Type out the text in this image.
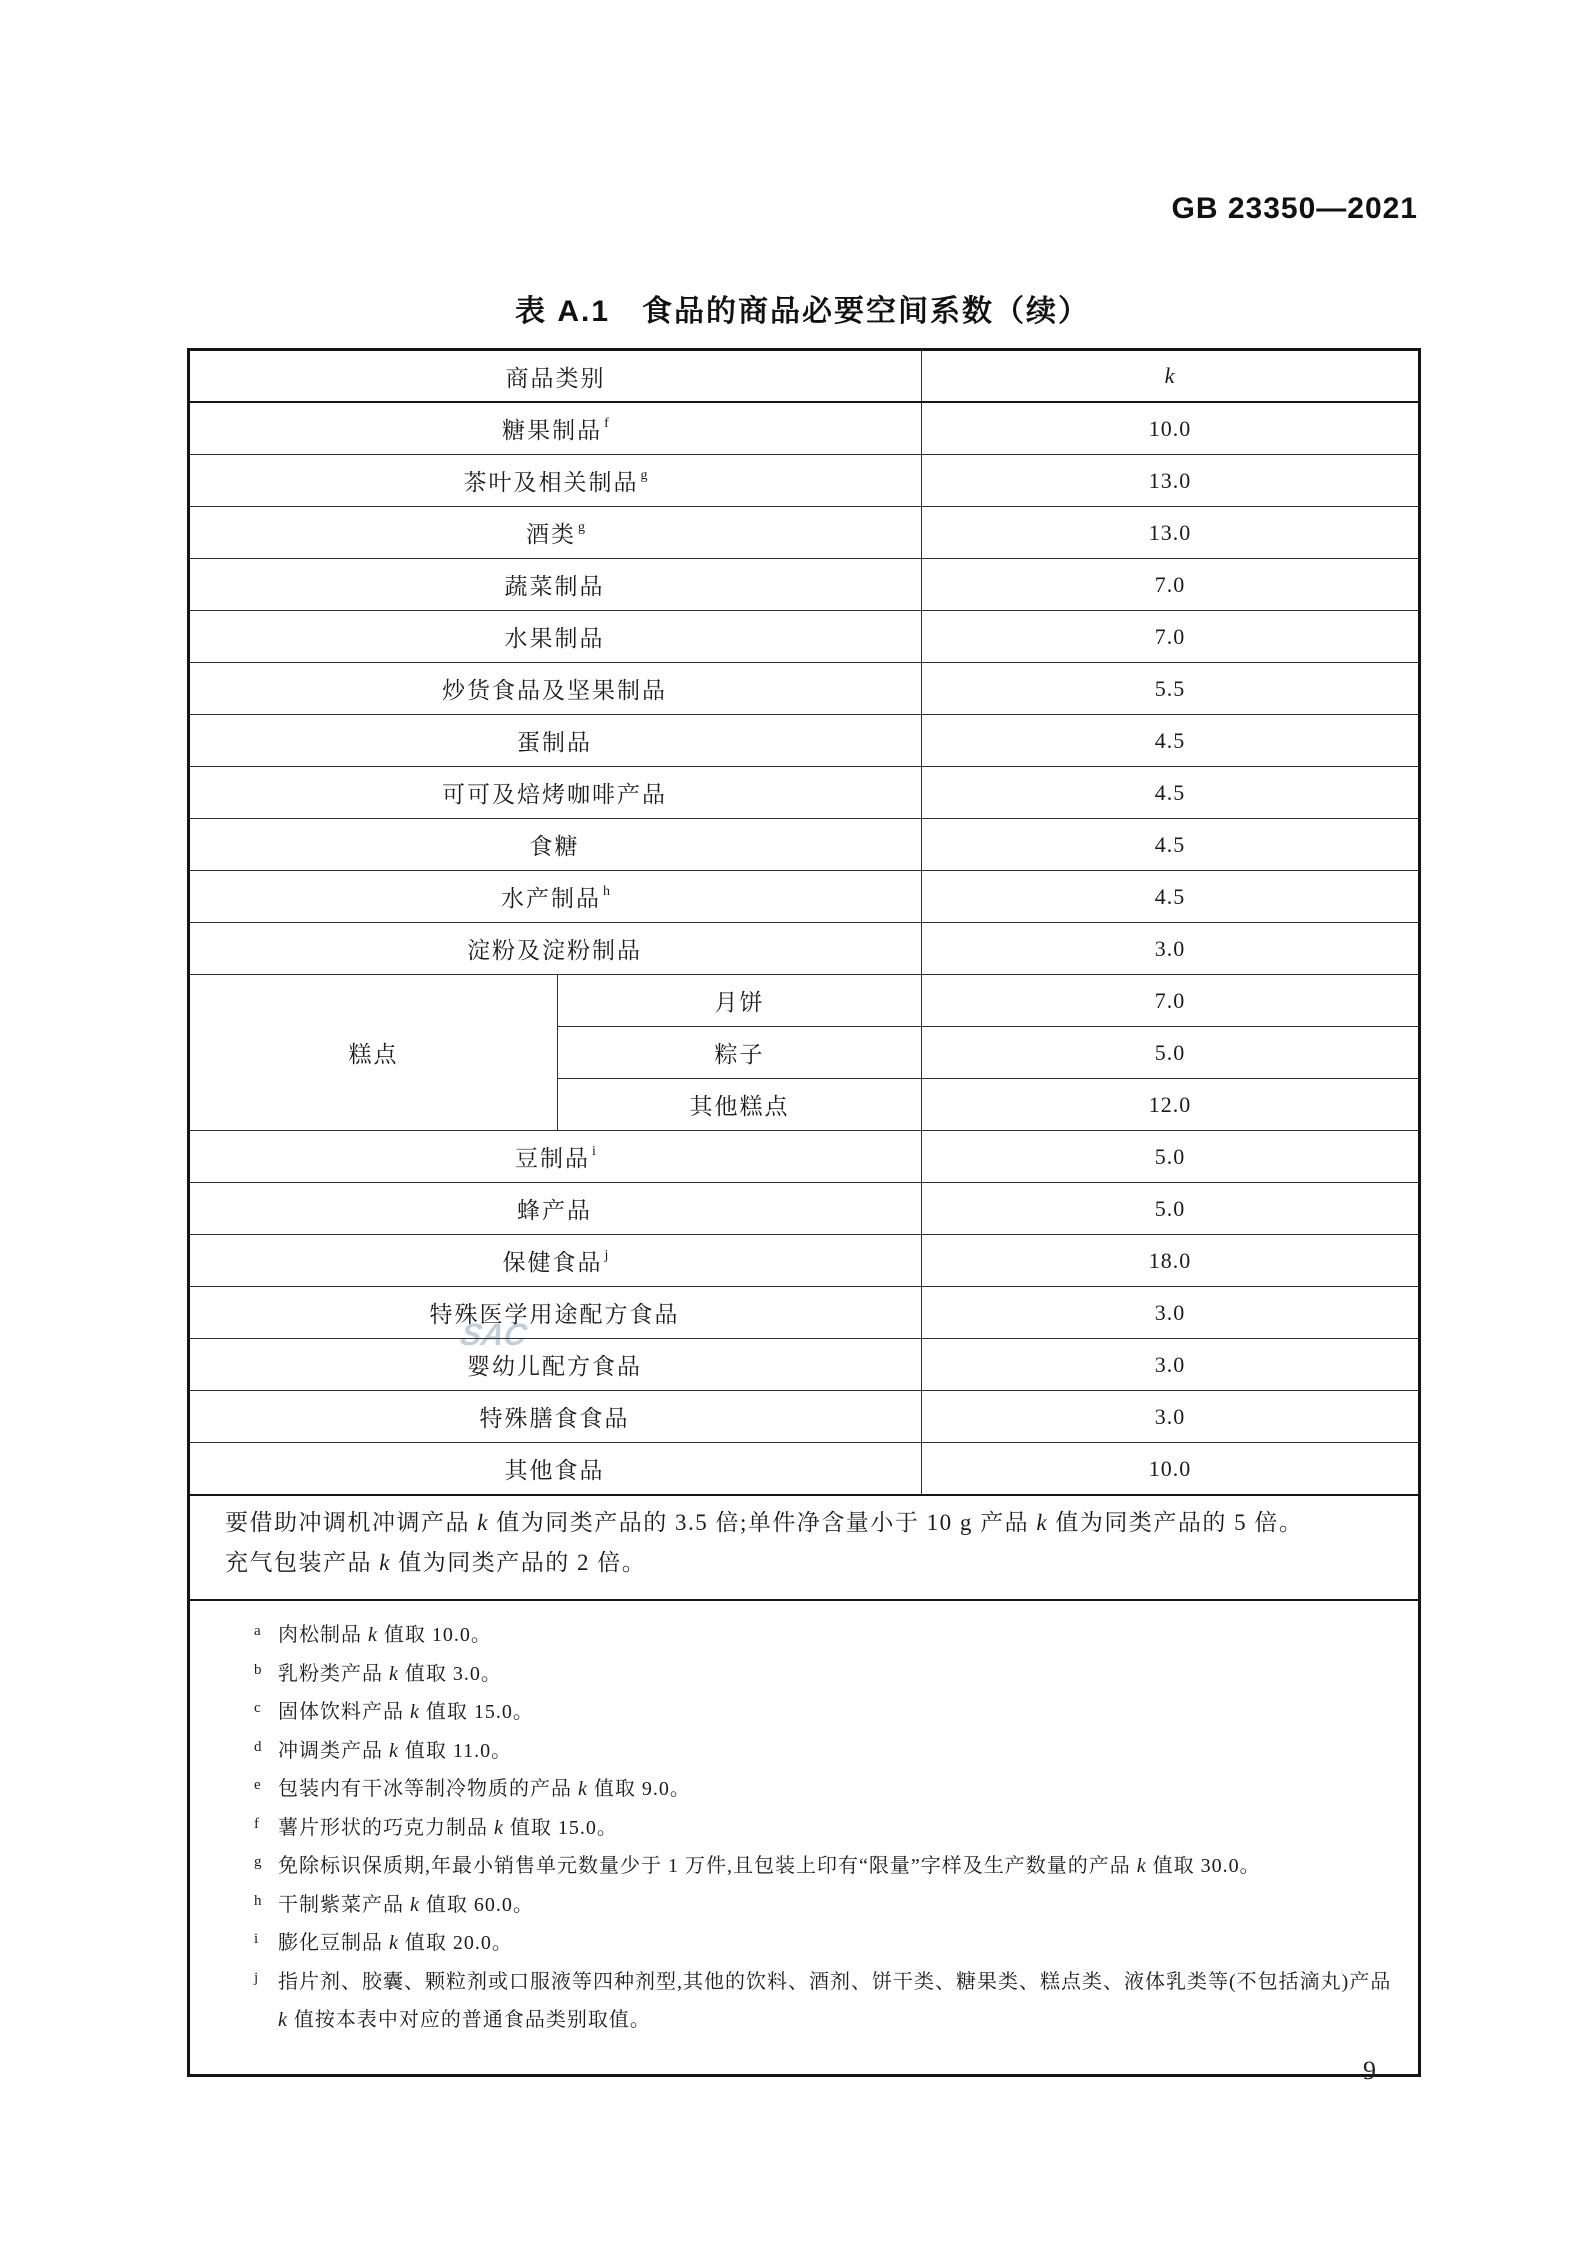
GB 23350—2021
表 A.1　食品的商品必要空间系数（续）
SAC
商品类别		k
糖果制品 $^f$		10.0
茶叶及相关制品 $^g$		13.0
酒类 $^g$		13.0
蔬菜制品		7.0
水果制品		7.0
炒货食品及坚果制品		5.5
蛋制品		4.5
可可及焙烤咖啡产品		4.5
食糖		4.5
水产制品 $^h$		4.5
淀粉及淀粉制品		3.0
糕点	月饼	7.0
	粽子	5.0
	其他糕点	12.0
豆制品 $^i$		5.0
蜂产品		5.0
保健食品 $^j$		18.0
特殊医学用途配方食品		3.0
婴幼儿配方食品		3.0
特殊膳食食品		3.0
其他食品		10.0

要借助冲调机冲调产品 k 值为同类产品的 3.5 倍;单件净含量小于 10 g 产品 k 值为同类产品的 5 倍。
充气包装产品 k 值为同类产品的 2 倍。		

a 肉松制品 k 值取 10.0。
b 乳粉类产品 k 值取 3.0。
c 固体饮料产品 k 值取 15.0。
d 冲调类产品 k 值取 11.0。
e 包装内有干冰等制冷物质的产品 k 值取 9.0。
f 薯片形状的巧克力制品 k 值取 15.0。
g 免除标识保质期,年最小销售单元数量少于 1 万件,且包装上印有“限量”字样及生产数量的产品 k 值取 30.0。
h 干制紫菜产品 k 值取 60.0。
i 膨化豆制品 k 值取 20.0。
j 指片剂、胶囊、颗粒剂或口服液等四种剂型,其他的饮料、酒剂、饼干类、糖果类、糕点类、液体乳类等(不包括滴丸)产品 k 值按本表中对应的普通食品类别取值。
9
